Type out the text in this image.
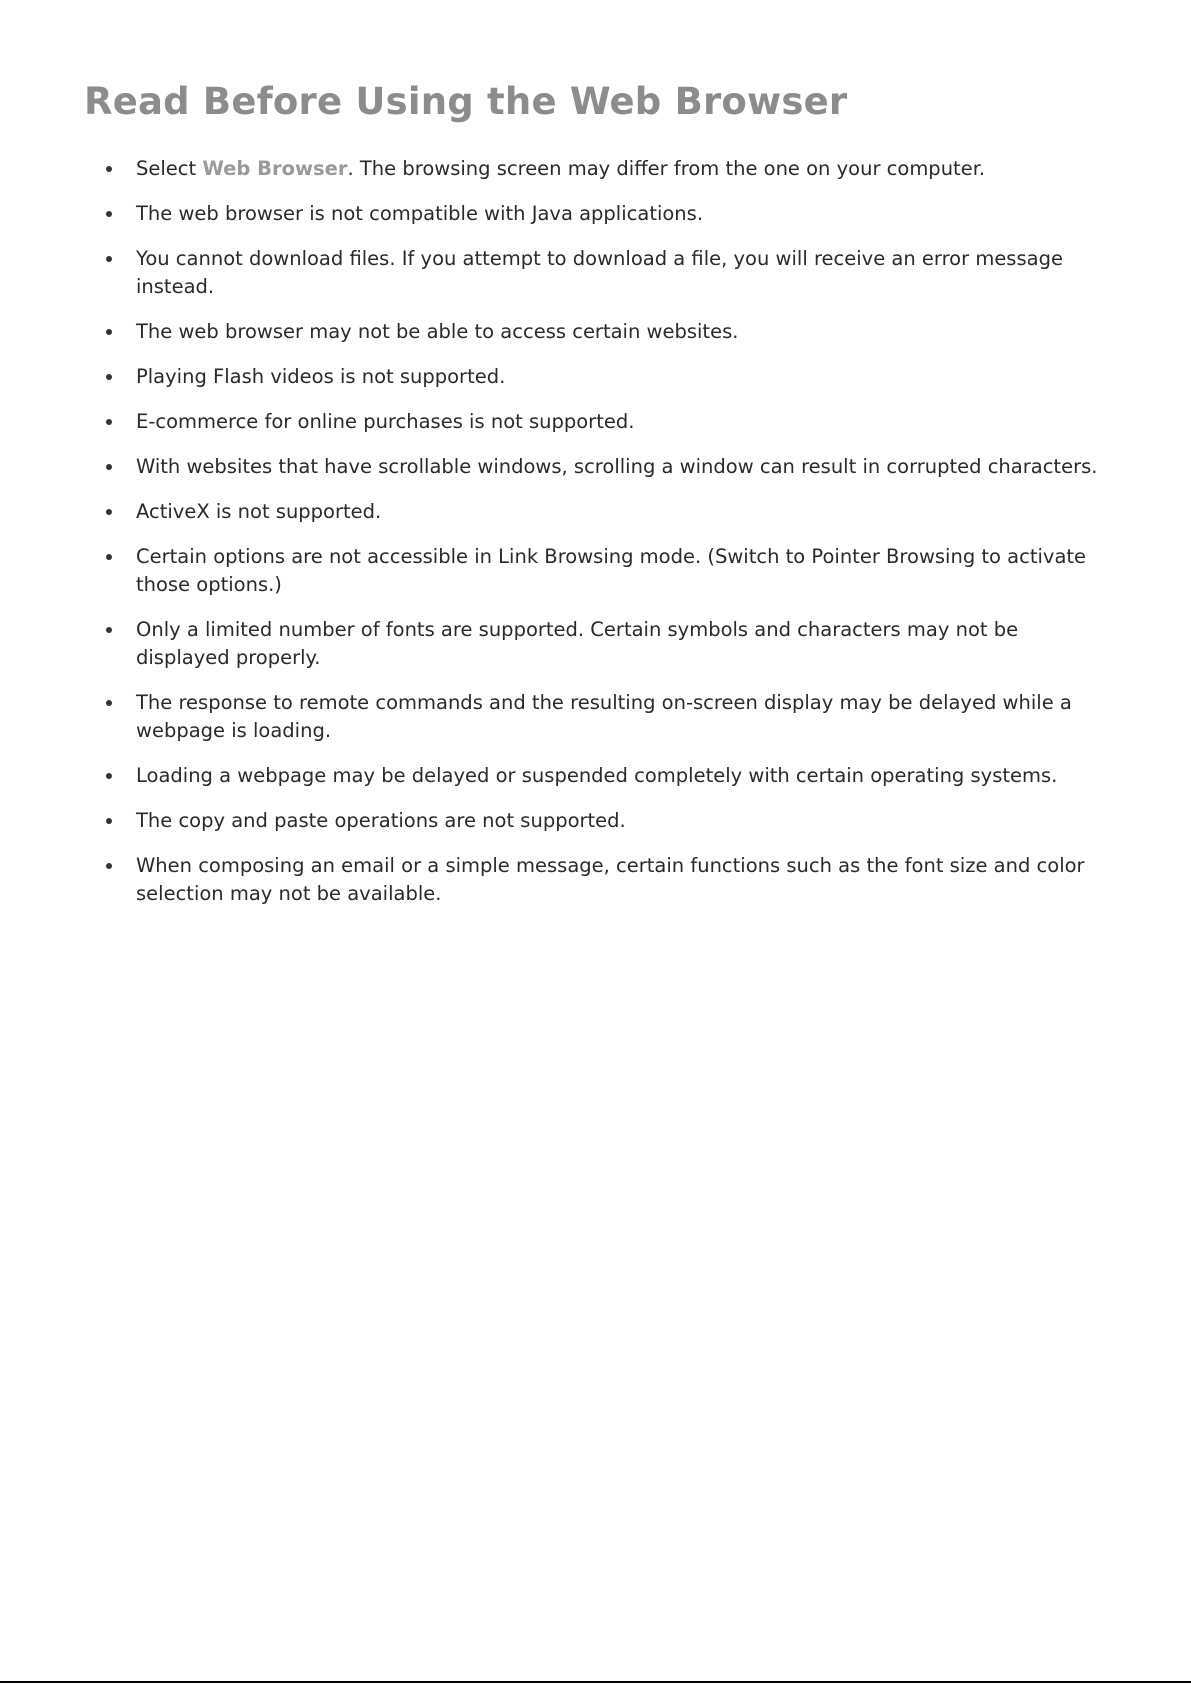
Read Before Using the Web Browser
Select Web Browser. The browsing screen may differ from the one on your computer.
The web browser is not compatible with Java applications.
You cannot download files. If you attempt to download a file, you will receive an error message instead.
The web browser may not be able to access certain websites.
Playing Flash videos is not supported.
E-commerce for online purchases is not supported.
With websites that have scrollable windows, scrolling a window can result in corrupted characters.
ActiveX is not supported.
Certain options are not accessible in Link Browsing mode. (Switch to Pointer Browsing to activate those options.)
Only a limited number of fonts are supported. Certain symbols and characters may not be displayed properly.
The response to remote commands and the resulting on-screen display may be delayed while a webpage is loading.
Loading a webpage may be delayed or suspended completely with certain operating systems.
The copy and paste operations are not supported.
When composing an email or a simple message, certain functions such as the font size and color selection may not be available.
